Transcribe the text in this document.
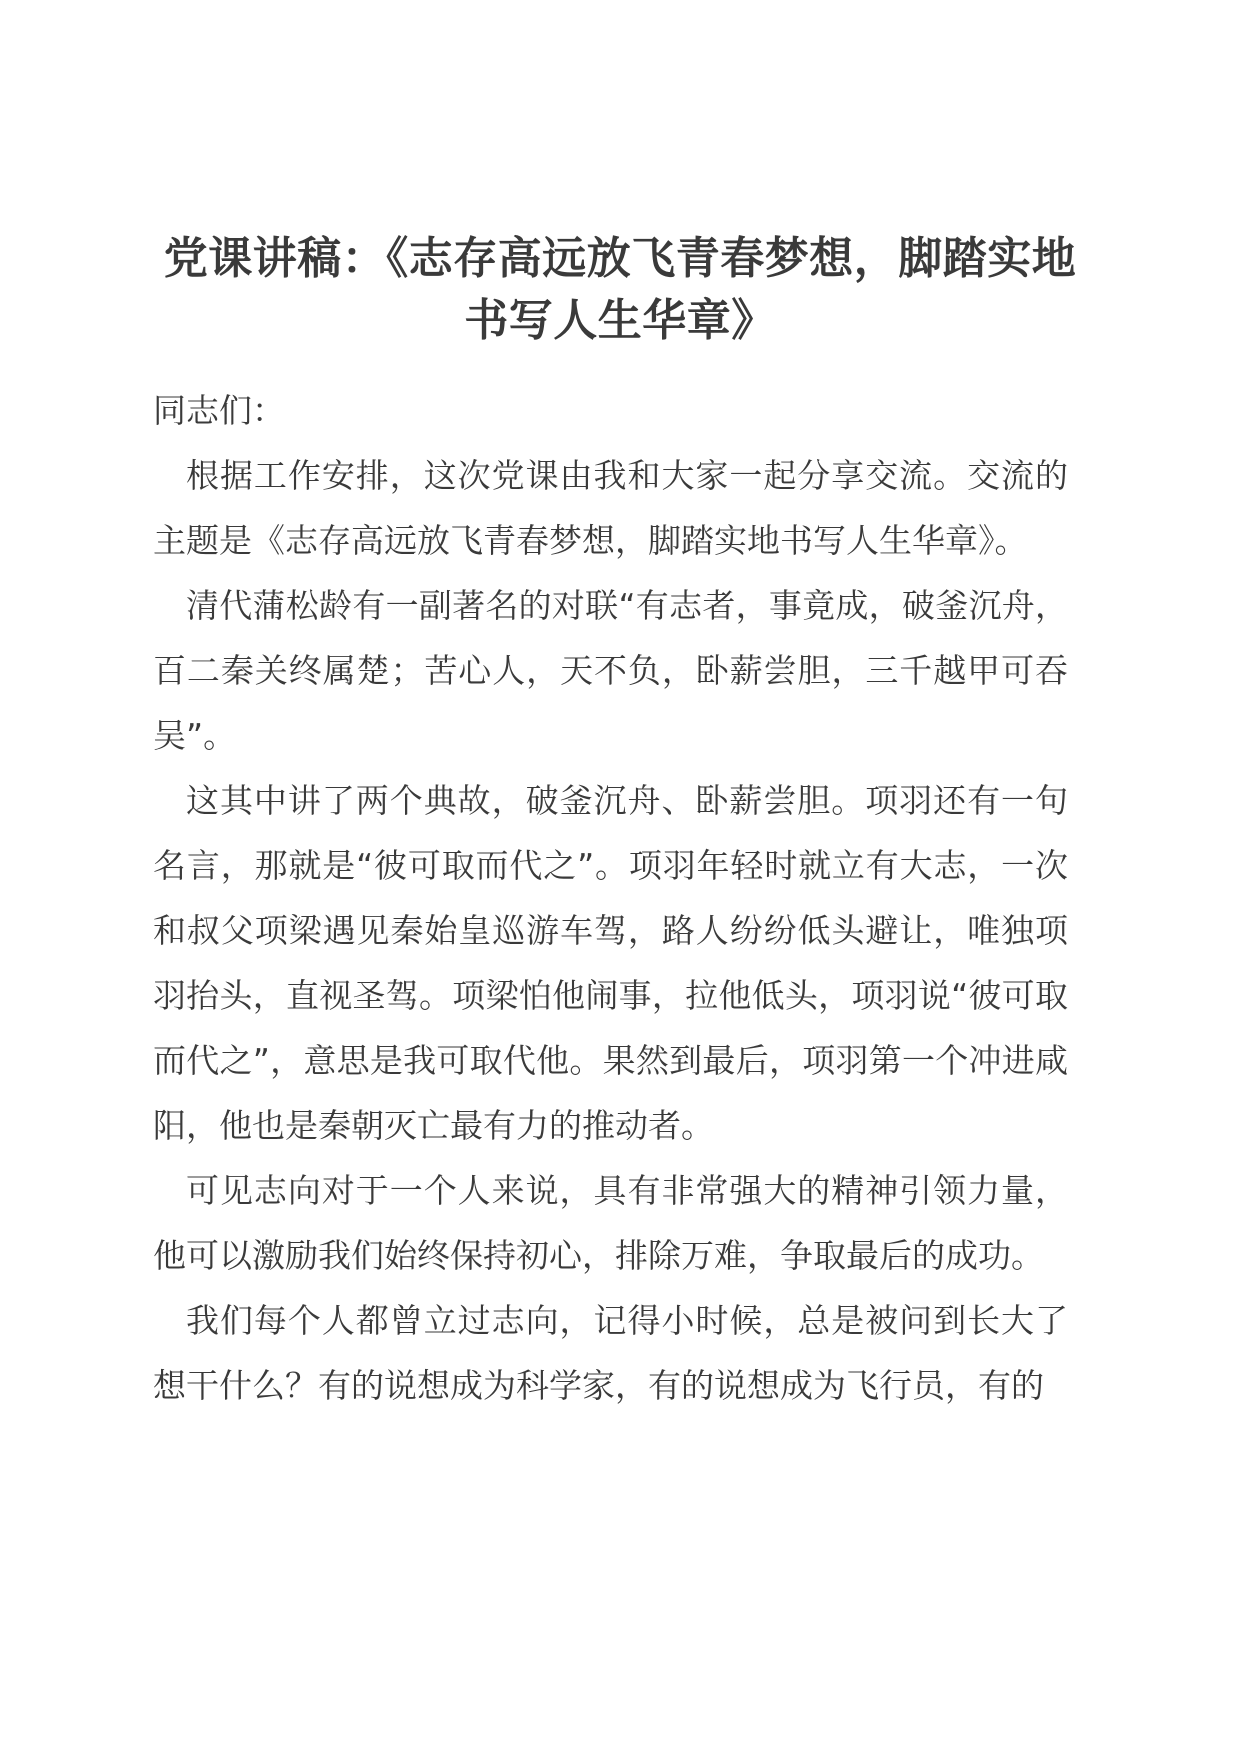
党课讲稿：《志存高远放飞青春梦想，脚踏实地书写人生华章》

同志们：

根据工作安排，这次党课由我和大家一起分享交流。交流的主题是《志存高远放飞青春梦想，脚踏实地书写人生华章》。

清代蒲松龄有一副著名的对联“有志者，事竟成，破釜沉舟，百二秦关终属楚；苦心人，天不负，卧薪尝胆，三千越甲可吞吴”。

这其中讲了两个典故，破釜沉舟、卧薪尝胆。项羽还有一句名言，那就是“彼可取而代之”。项羽年轻时就立有大志，一次和叔父项梁遇见秦始皇巡游车驾，路人纷纷低头避让，唯独项羽抬头，直视圣驾。项梁怕他闹事，拉他低头，项羽说“彼可取而代之”，意思是我可取代他。果然到最后，项羽第一个冲进咸阳，他也是秦朝灭亡最有力的推动者。

可见志向对于一个人来说，具有非常强大的精神引领力量，他可以激励我们始终保持初心，排除万难，争取最后的成功。

我们每个人都曾立过志向，记得小时候，总是被问到长大了想干什么？有的说想成为科学家，有的说想成为飞行员，有的
